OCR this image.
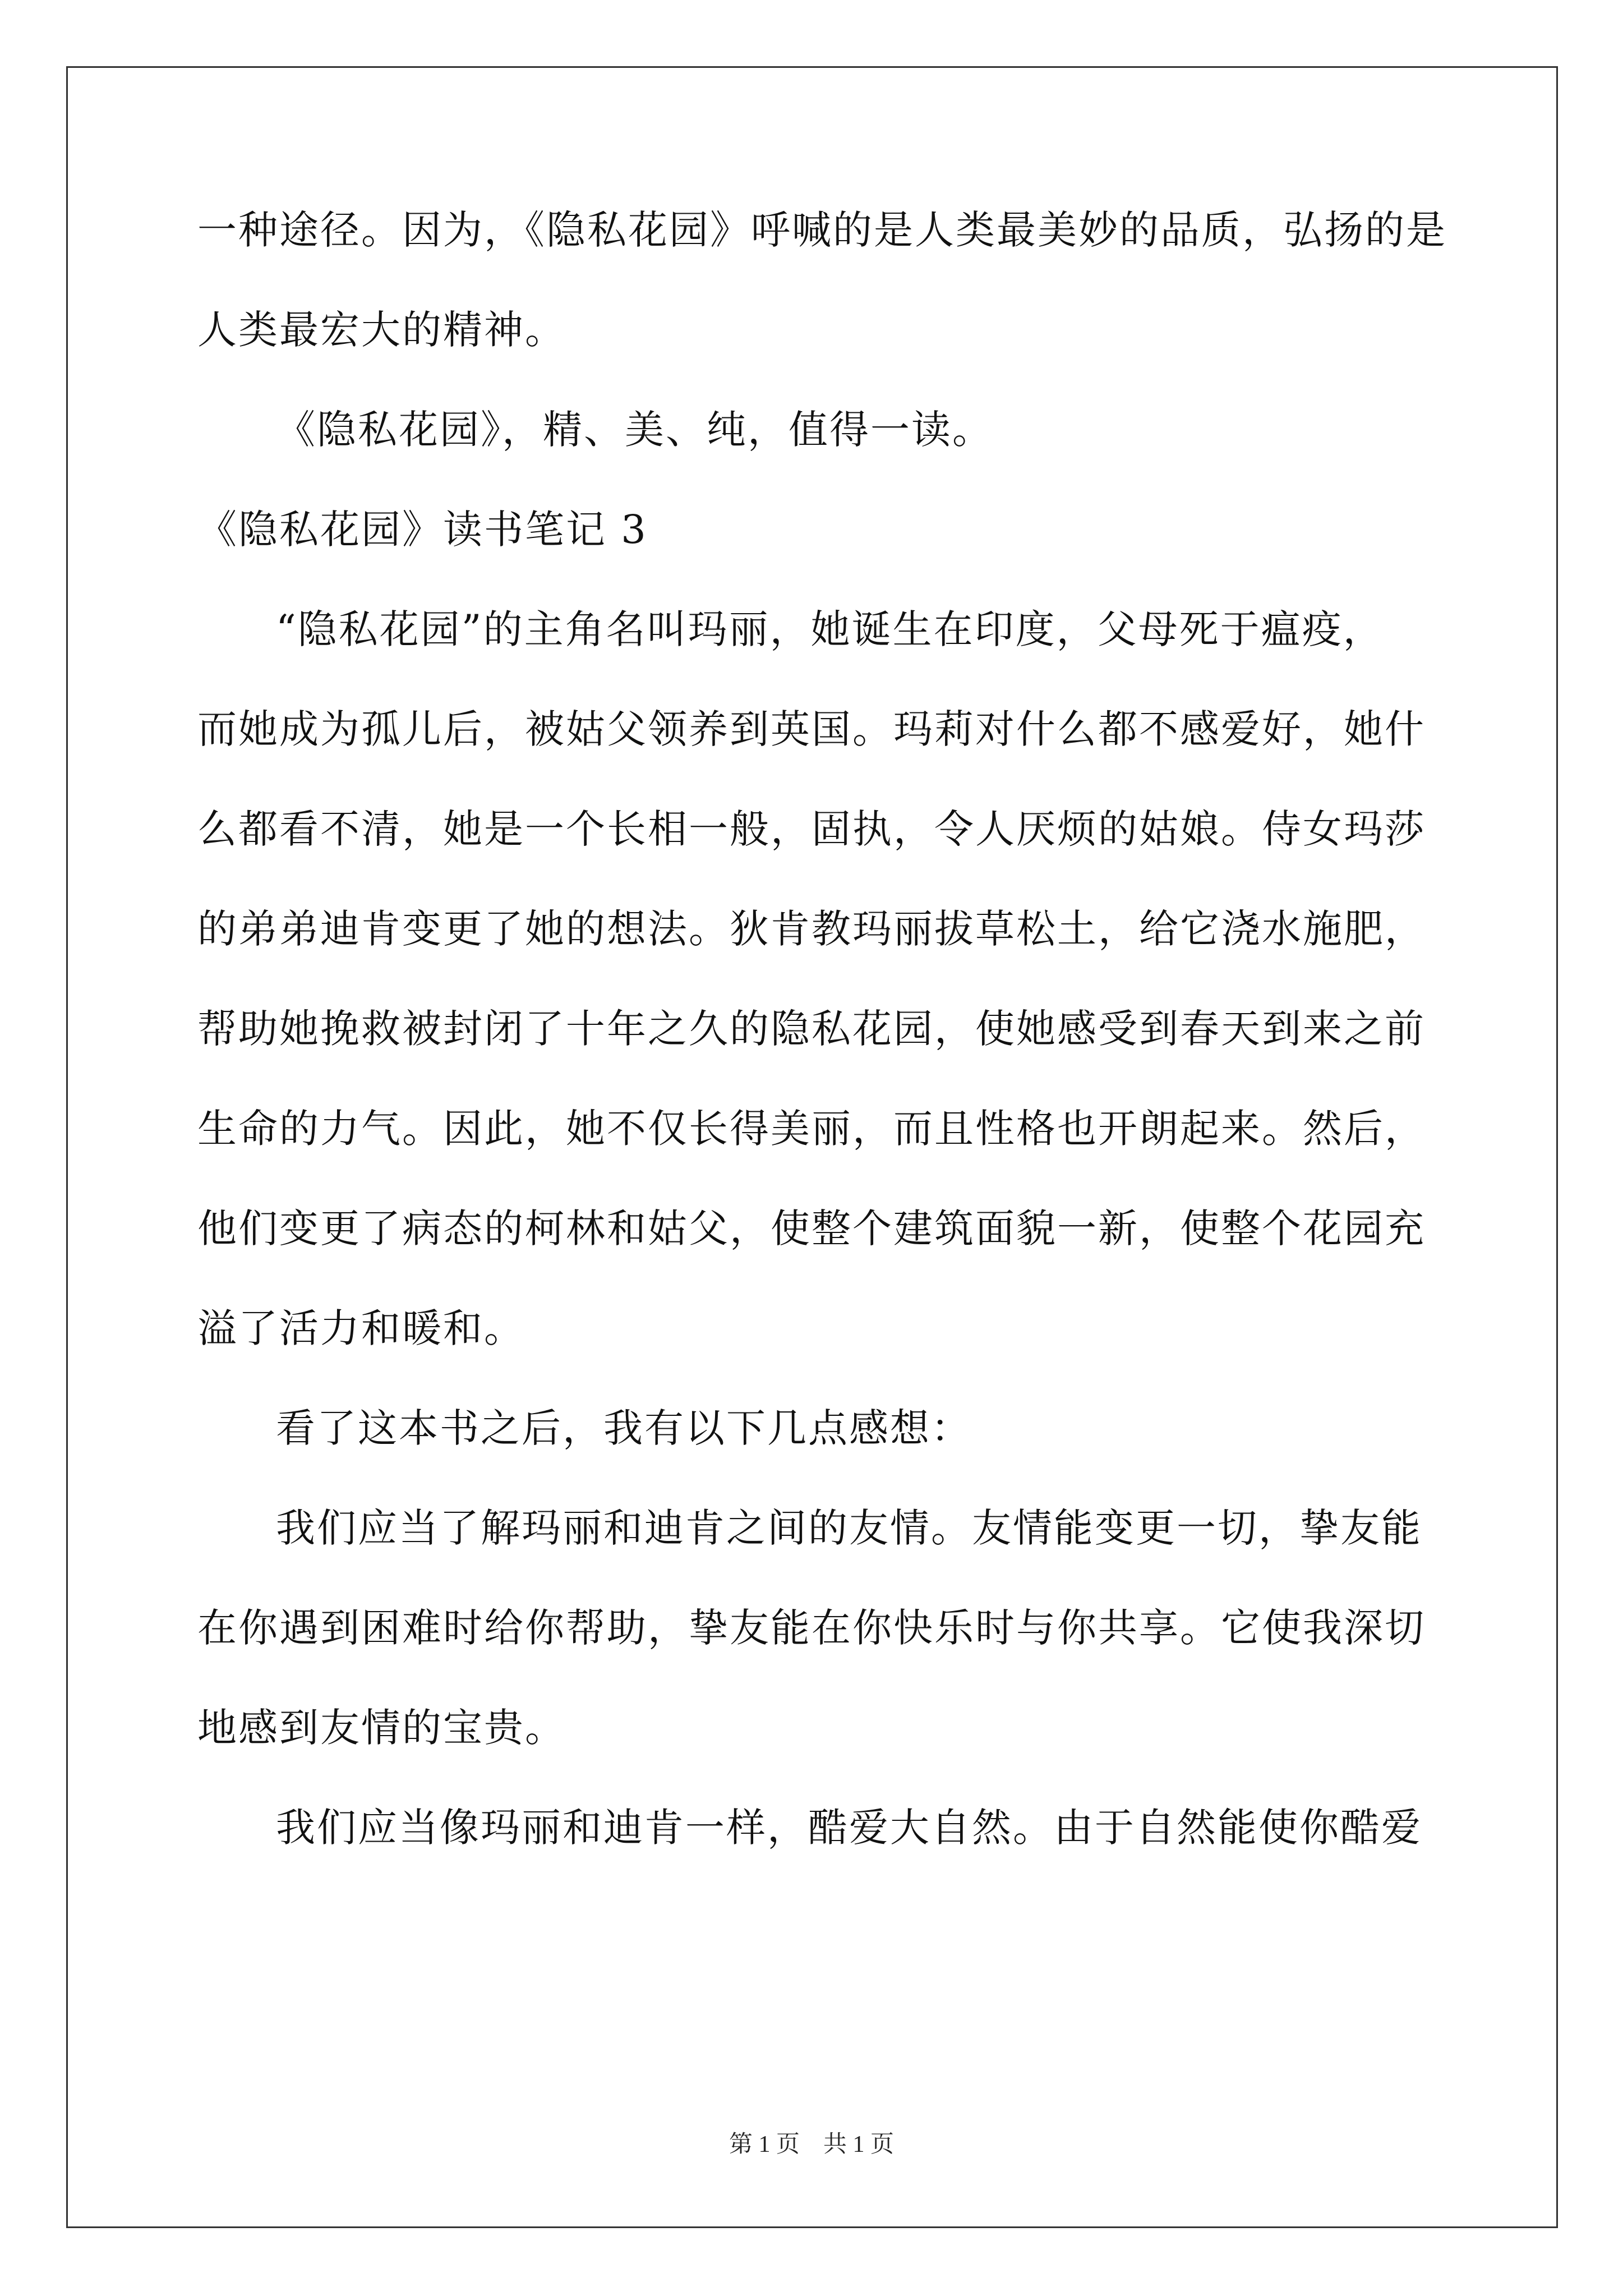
一种途径。因为，《隐私花园》呼喊的是人类最美妙的品质，弘扬的是
人类最宏大的精神。
《隐私花园》，精、美、纯，值得一读。
《隐私花园》读书笔记 3
“隐私花园”的主角名叫玛丽，她诞生在印度，父母死于瘟疫，
而她成为孤儿后，被姑父领养到英国。玛莉对什么都不感爱好，她什
么都看不清，她是一个长相一般，固执，令人厌烦的姑娘。侍女玛莎
的弟弟迪肯变更了她的想法。狄肯教玛丽拔草松土，给它浇水施肥，
帮助她挽救被封闭了十年之久的隐私花园，使她感受到春天到来之前
生命的力气。因此，她不仅长得美丽，而且性格也开朗起来。然后，
他们变更了病态的柯林和姑父，使整个建筑面貌一新，使整个花园充
溢了活力和暖和。
看了这本书之后，我有以下几点感想：
我们应当了解玛丽和迪肯之间的友情。友情能变更一切，挚友能
在你遇到困难时给你帮助，挚友能在你快乐时与你共享。它使我深切
地感到友情的宝贵。
我们应当像玛丽和迪肯一样，酷爱大自然。由于自然能使你酷爱
第 1 页　共 1 页
